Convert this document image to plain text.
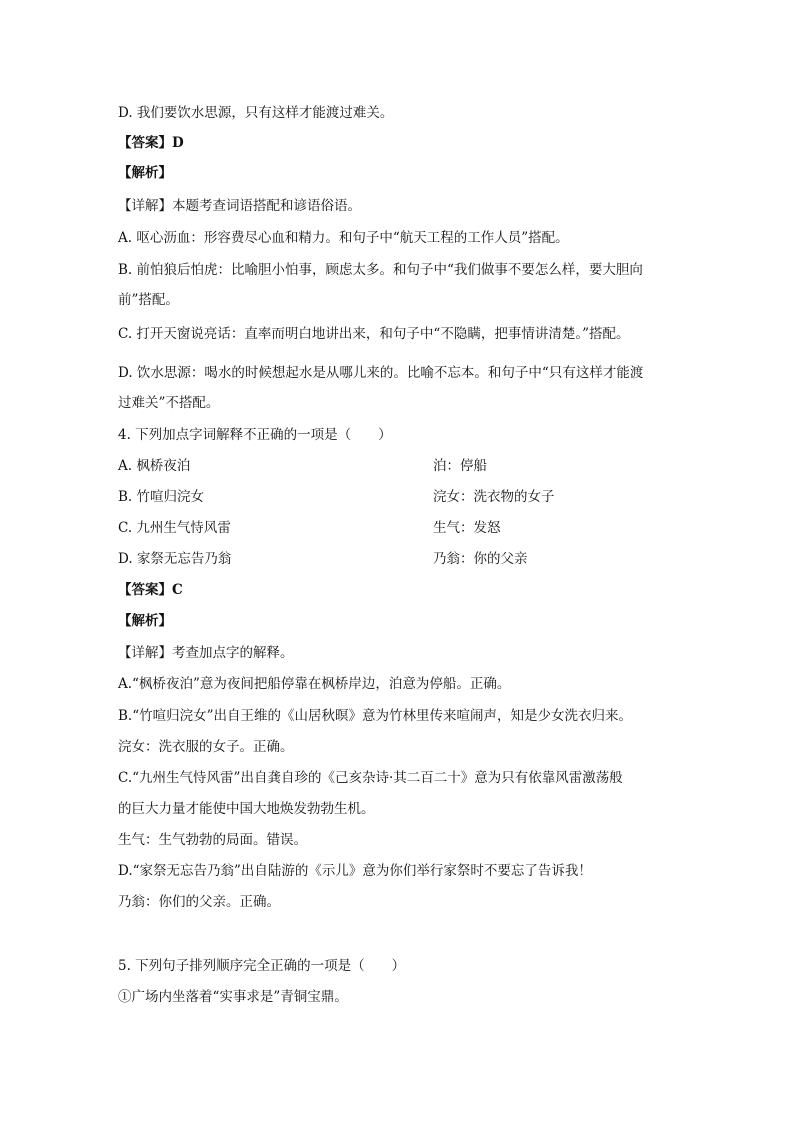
D. 我们要饮水思源，只有这样才能渡过难关。
【答案】D
【解析】
【详解】本题考查词语搭配和谚语俗语。
A. 呕心沥血：形容费尽心血和精力。和句子中“航天工程的工作人员”搭配。
B. 前怕狼后怕虎：比喻胆小怕事，顾虑太多。和句子中“我们做事不要怎么样，要大胆向
前”搭配。
C. 打开天窗说亮话：直率而明白地讲出来，和句子中“不隐瞒，把事情讲清楚。”搭配。
D. 饮水思源：喝水的时候想起水是从哪儿来的。比喻不忘本。和句子中“只有这样才能渡
过难关”不搭配。
4. 下列加点字词解释不正确的一项是（　　）
A. 枫桥夜泊	泊：停船
B. 竹喧归浣女	浣女：洗衣物的女子
C. 九州生气恃风雷	生气：发怒
D. 家祭无忘告乃翁	乃翁：你的父亲
【答案】C
【解析】
【详解】考查加点字的解释。
A.“枫桥夜泊”意为夜间把船停靠在枫桥岸边，泊意为停船。正确。
B.“竹喧归浣女”出自王维的《山居秋暝》意为竹林里传来喧闹声，知是少女洗衣归来。
浣女：洗衣服的女子。正确。
C.“九州生气恃风雷”出自龚自珍的《己亥杂诗·其二百二十》意为只有依靠风雷激荡般
的巨大力量才能使中国大地焕发勃勃生机。
生气：生气勃勃的局面。错误。
D.“家祭无忘告乃翁”出自陆游的《示儿》意为你们举行家祭时不要忘了告诉我！
乃翁：你们的父亲。正确。
5. 下列句子排列顺序完全正确的一项是（　　）
①广场内坐落着“实事求是”青铜宝鼎。
